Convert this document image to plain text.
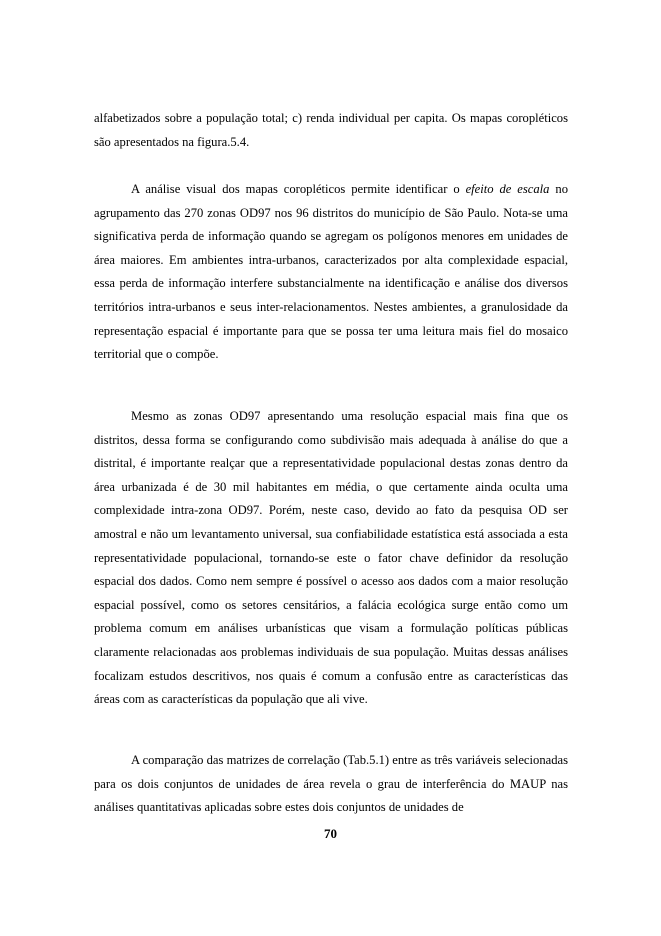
alfabetizados sobre a população total; c) renda individual per capita. Os mapas coropléticos são apresentados na figura.5.4.

A análise visual dos mapas coropléticos permite identificar o efeito de escala no agrupamento das 270 zonas OD97 nos 96 distritos do município de São Paulo. Nota-se uma significativa perda de informação quando se agregam os polígonos menores em unidades de área maiores. Em ambientes intra-urbanos, caracterizados por alta complexidade espacial, essa perda de informação interfere substancialmente na identificação e análise dos diversos territórios intra-urbanos e seus inter-relacionamentos. Nestes ambientes, a granulosidade da representação espacial é importante para que se possa ter uma leitura mais fiel do mosaico territorial que o compõe.

Mesmo as zonas OD97 apresentando uma resolução espacial mais fina que os distritos, dessa forma se configurando como subdivisão mais adequada à análise do que a distrital, é importante realçar que a representatividade populacional destas zonas dentro da área urbanizada é de 30 mil habitantes em média, o que certamente ainda oculta uma complexidade intra-zona OD97. Porém, neste caso, devido ao fato da pesquisa OD ser amostral e não um levantamento universal, sua confiabilidade estatística está associada a esta representatividade populacional, tornando-se este o fator chave definidor da resolução espacial dos dados. Como nem sempre é possível o acesso aos dados com a maior resolução espacial possível, como os setores censitários, a falácia ecológica surge então como um problema comum em análises urbanísticas que visam a formulação políticas públicas claramente relacionadas aos problemas individuais de sua população. Muitas dessas análises focalizam estudos descritivos, nos quais é comum a confusão entre as características das áreas com as características da população que ali vive.

A comparação das matrizes de correlação (Tab.5.1) entre as três variáveis selecionadas para os dois conjuntos de unidades de área revela o grau de interferência do MAUP nas análises quantitativas aplicadas sobre estes dois conjuntos de unidades de

70
